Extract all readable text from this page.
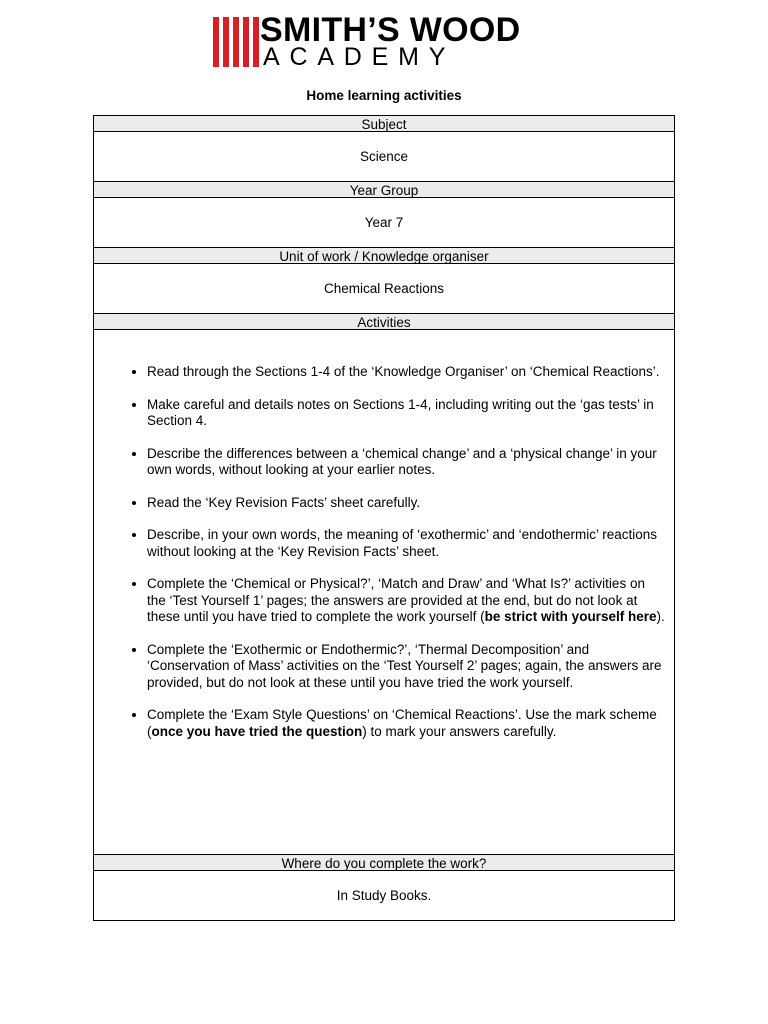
SMITH’S WOOD
ACADEMY
Home learning activities
Subject
Science
Year Group
Year 7
Unit of work / Knowledge organiser
Chemical Reactions
Activities
• Read through the Sections 1-4 of the ‘Knowledge Organiser’ on ‘Chemical Reactions’.
• Make careful and details notes on Sections 1-4, including writing out the ‘gas tests’ in Section 4.
• Describe the differences between a ‘chemical change’ and a ‘physical change’ in your own words, without looking at your earlier notes.
• Read the ‘Key Revision Facts’ sheet carefully.
• Describe, in your own words, the meaning of ‘exothermic’ and ‘endothermic’ reactions without looking at the ‘Key Revision Facts’ sheet.
• Complete the ‘Chemical or Physical?’, ‘Match and Draw’ and ‘What Is?’ activities on the ‘Test Yourself 1’ pages; the answers are provided at the end, but do not look at these until you have tried to complete the work yourself (be strict with yourself here).
• Complete the ‘Exothermic or Endothermic?’, ‘Thermal Decomposition’ and ‘Conservation of Mass’ activities on the ‘Test Yourself 2’ pages; again, the answers are provided, but do not look at these until you have tried the work yourself.
• Complete the ‘Exam Style Questions’ on ‘Chemical Reactions’. Use the mark scheme (once you have tried the question) to mark your answers carefully.
Where do you complete the work?
In Study Books.
